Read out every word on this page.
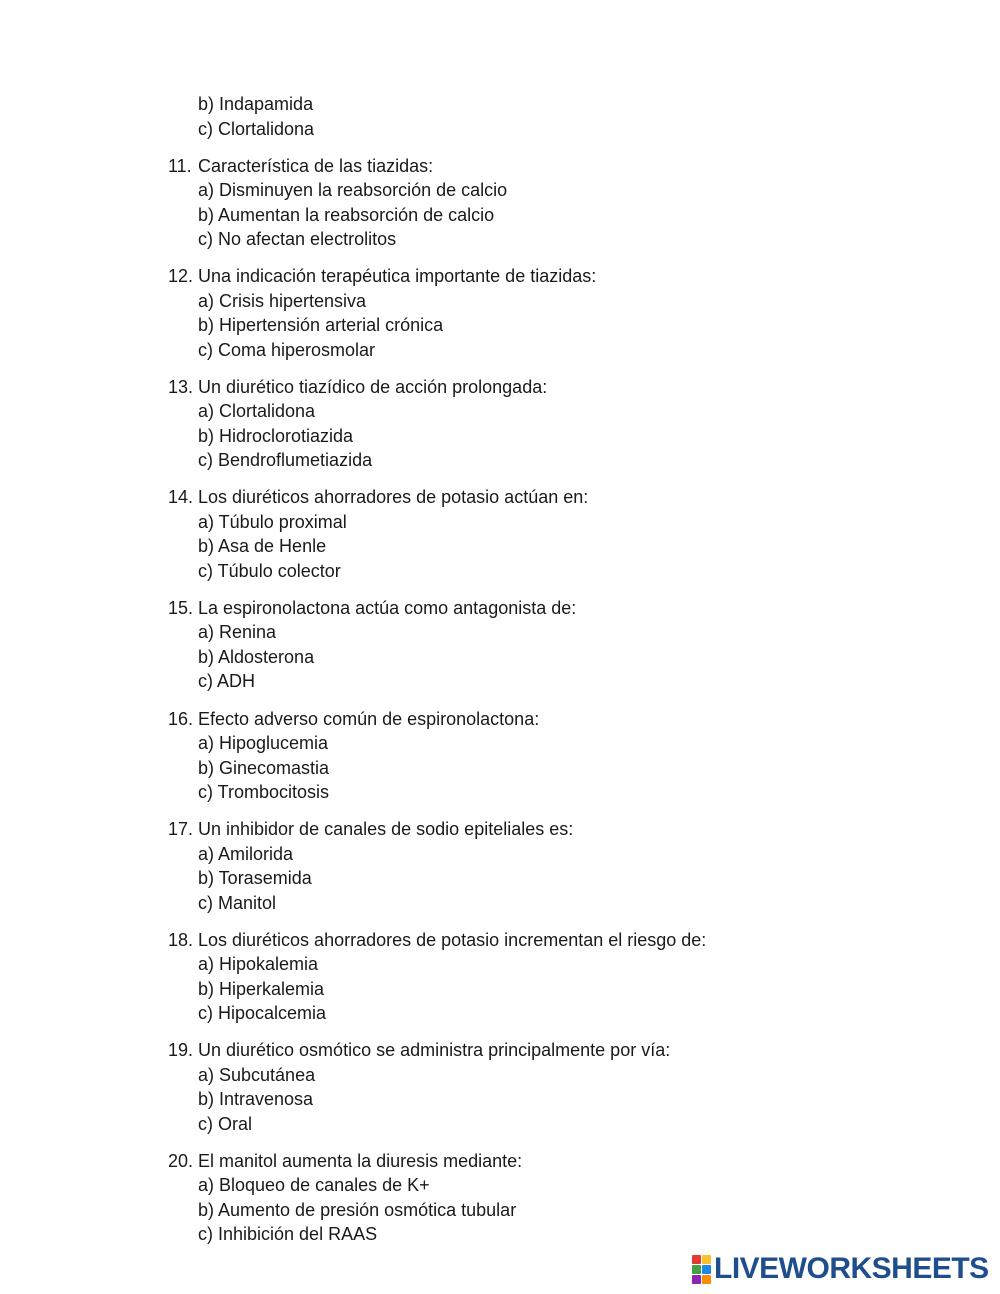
b) Indapamida
c) Clortalidona
11. Característica de las tiazidas:
a) Disminuyen la reabsorción de calcio
b) Aumentan la reabsorción de calcio
c) No afectan electrolitos
12. Una indicación terapéutica importante de tiazidas:
a) Crisis hipertensiva
b) Hipertensión arterial crónica
c) Coma hiperosmolar
13. Un diurético tiazídico de acción prolongada:
a) Clortalidona
b) Hidroclorotiazida
c) Bendroflumetiazida
14. Los diuréticos ahorradores de potasio actúan en:
a) Túbulo proximal
b) Asa de Henle
c) Túbulo colector
15. La espironolactona actúa como antagonista de:
a) Renina
b) Aldosterona
c) ADH
16. Efecto adverso común de espironolactona:
a) Hipoglucemia
b) Ginecomastia
c) Trombocitosis
17. Un inhibidor de canales de sodio epiteliales es:
a) Amilorida
b) Torasemida
c) Manitol
18. Los diuréticos ahorradores de potasio incrementan el riesgo de:
a) Hipokalemia
b) Hiperkalemia
c) Hipocalcemia
19. Un diurético osmótico se administra principalmente por vía:
a) Subcutánea
b) Intravenosa
c) Oral
20. El manitol aumenta la diuresis mediante:
a) Bloqueo de canales de K+
b) Aumento de presión osmótica tubular
c) Inhibición del RAAS
LIVEWORKSHEETS
